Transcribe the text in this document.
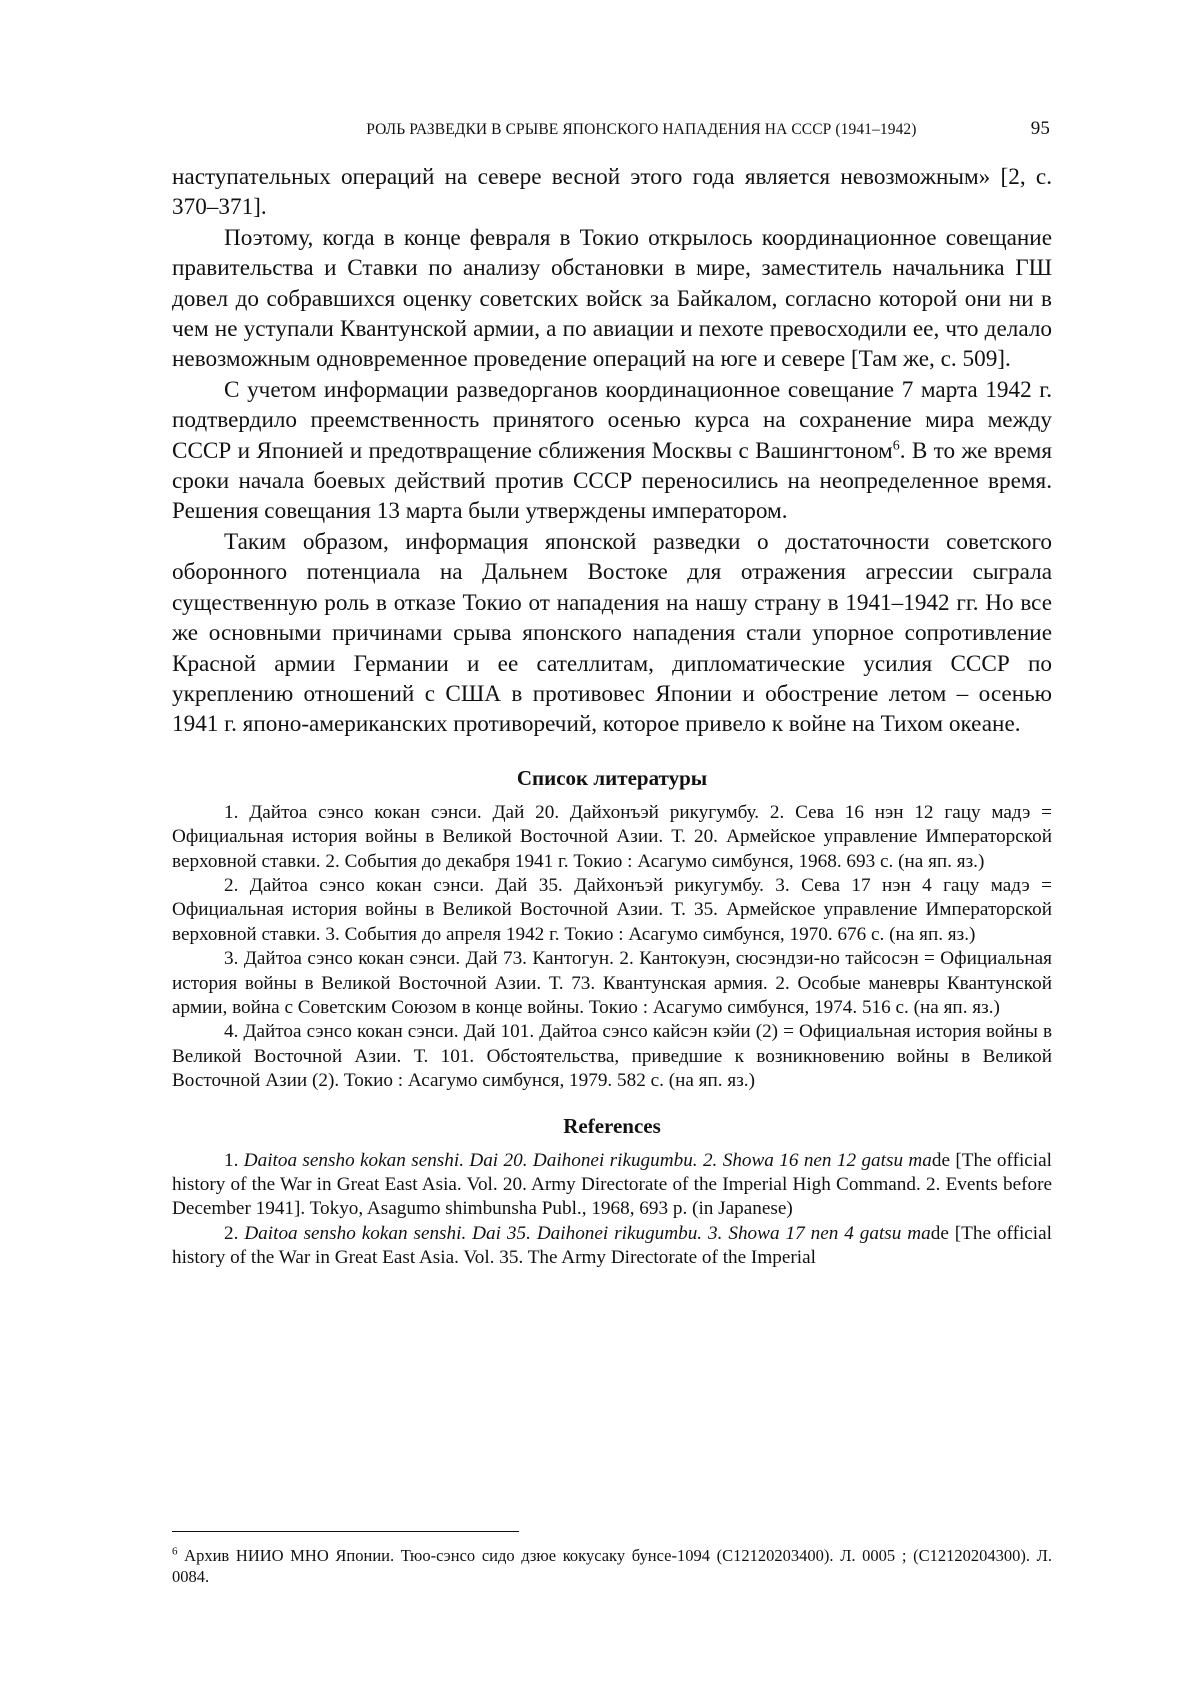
РОЛЬ РАЗВЕДКИ В СРЫВЕ ЯПОНСКОГО НАПАДЕНИЯ НА СССР (1941–1942)	95

наступательных операций на севере весной этого года является невозможным» [2, с. 370–371].

Поэтому, когда в конце февраля в Токио открылось координационное совещание правительства и Ставки по анализу обстановки в мире, заместитель начальника ГШ довел до собравшихся оценку советских войск за Байкалом, согласно которой они ни в чем не уступали Квантунской армии, а по авиации и пехоте превосходили ее, что делало невозможным одновременное проведение операций на юге и севере [Там же, с. 509].

С учетом информации разведорганов координационное совещание 7 марта 1942 г. подтвердило преемственность принятого осенью курса на сохранение мира между СССР и Японией и предотвращение сближения Москвы с Вашингтоном$^6$. В то же время сроки начала боевых действий против СССР переносились на неопределенное время. Решения совещания 13 марта были утверждены императором.

Таким образом, информация японской разведки о достаточности советского оборонного потенциала на Дальнем Востоке для отражения агрессии сыграла существенную роль в отказе Токио от нападения на нашу страну в 1941–1942 гг. Но все же основными причинами срыва японского нападения стали упорное сопротивление Красной армии Германии и ее сателлитам, дипломатические усилия СССР по укреплению отношений с США в противовес Японии и обострение летом – осенью 1941 г. японо-американских противоречий, которое привело к войне на Тихом океане.

Список литературы

1. Дайтоа сэнсо кокан сэнси. Дай 20. Дайхонъэй рикугумбу. 2. Сева 16 нэн 12 гацу мадэ = Официальная история войны в Великой Восточной Азии. Т. 20. Армейское управление Императорской верховной ставки. 2. События до декабря 1941 г. Токио : Асагумо симбунся, 1968. 693 с. (на яп. яз.)

2. Дайтоа сэнсо кокан сэнси. Дай 35. Дайхонъэй рикугумбу. 3. Сева 17 нэн 4 гацу мадэ = Официальная история войны в Великой Восточной Азии. Т. 35. Армейское управление Императорской верховной ставки. 3. События до апреля 1942 г. Токио : Асагумо симбунся, 1970. 676 с. (на яп. яз.)

3. Дайтоа сэнсо кокан сэнси. Дай 73. Кантогун. 2. Кантокуэн, сюсэндзи-но тайсосэн = Официальная история войны в Великой Восточной Азии. Т. 73. Квантунская армия. 2. Особые маневры Квантунской армии, война с Советским Союзом в конце войны. Токио : Асагумо симбунся, 1974. 516 с. (на яп. яз.)

4. Дайтоа сэнсо кокан сэнси. Дай 101. Дайтоа сэнсо кайсэн кэйи (2) = Официальная история войны в Великой Восточной Азии. Т. 101. Обстоятельства, приведшие к возникновению войны в Великой Восточной Азии (2). Токио : Асагумо симбунся, 1979. 582 с. (на яп. яз.)

References

1. Daitoa sensho kokan senshi. Dai 20. Daihonei rikugumbu. 2. Showa 16 nen 12 gatsu made [The official history of the War in Great East Asia. Vol. 20. Army Directorate of the Imperial High Command. 2. Events before December 1941]. Tokyo, Asagumo shimbunsha Publ., 1968, 693 p. (in Japanese)

2. Daitoa sensho kokan senshi. Dai 35. Daihonei rikugumbu. 3. Showa 17 nen 4 gatsu made [The official history of the War in Great East Asia. Vol. 35. The Army Directorate of the Imperial

$^6$ Архив НИИО МНО Японии. Тюо-сэнсо сидо дзюе кокусаку бунсе-1094 (C12120203400). Л. 0005 ; (C12120204300). Л. 0084.
